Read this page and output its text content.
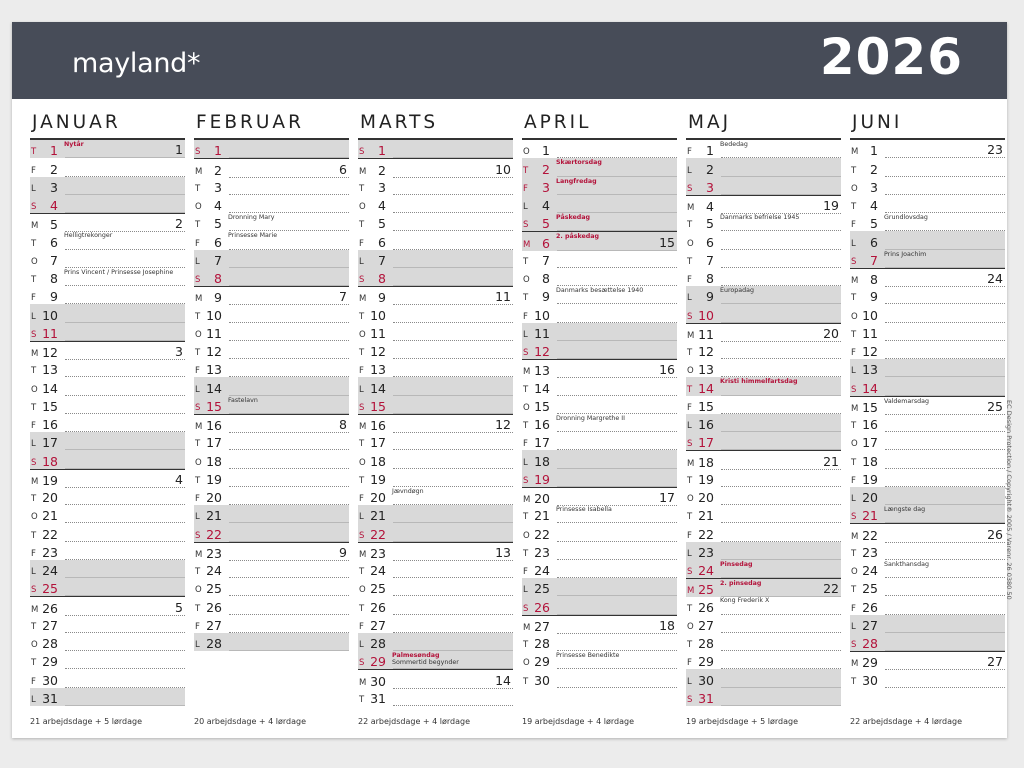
mayland*	2026
21 arbejdsdage + 5 lørdage
JANUAR
T	1	1
Nytår
F	2
L	3
S	4
M 5	2
T	6 Helligtrekonger
O 7
T	8 Prins Vincent / Prinsesse Josephine
F	9
L 10
S 11
M 12	3
T 13
O 14
T 15
F 16
L 17
S 18
M 19	4
T 20
O 21
T 22
F 23
L 24
S 25
M 26	5
T 27
O 28
T 29
F 30
L 31
20 arbejdsdage + 4 lørdage
FEBRUAR
S	1
M 2	6
T	3
O 4
T	5 Dronning Mary
F	6 Prinsesse Marie
L	7
S	8
M 9	7
T 10
O 11
T 12
F 13
L 14
S 15 Fastelavn
M 16	8
T 17
O 18
T 19
F 20
L 21
S 22
M 23	9
T 24
O 25
T 26
F 27
L 28
22 arbejdsdage + 4 lørdage
MARTS
S	1
M 2	10
T	3
O 4
T	5
F	6
L	7
S	8
M 9	11
T 10
O 11
T 12
F 13
L 14
S 15
M 16	12
T 17
O 18
T 19
F 20 Jævndøgn
L 21
S 22
M 23	13
T 24
O 25
T 26
F 27
L 28
S 29 Palmesøndag
Sommertid begynder
M 30	14
T 31
19 arbejdsdage + 4 lørdage
APRIL
O 1
T	2 Skærtorsdag
F	3 Langfredag
L	4
S	5 Påskedag
M 6	15
2. påskedag
T	7
O 8
T	9 Danmarks besættelse 1940
F 10
L 11
S 12
M 13	16
T 14
O 15
T 16 Dronning Margrethe II
F 17
L 18
S 19
M 20	17
T 21 Prinsesse Isabella
O 22
T 23
F 24
L 25
S 26
M 27	18
T 28
O 29 Prinsesse Benedikte
T 30
19 arbejdsdage + 5 lørdage
MAJ
F	1 Bededag
L	2
S	3
M 4	19
T	5 Danmarks befrielse 1945
O 6
T	7
F	8
L	9 Europadag
S 10
M 11	20
T 12
O 13
T 14 Kristi himmelfartsdag
F 15
L 16
S 17
M 18	21
T 19
O 20
T 21
F 22
L 23
S 24 Pinsedag
M 25	22
2. pinsedag
T 26 Kong Frederik X
O 27
T 28
F 29
L 30
S 31
22 arbejdsdage + 4 lørdage
JUNI
M 1	23
T	2
O 3
T	4
F	5 Grundlovsdag
L	6
S	7 Prins Joachim
M 8	24
T	9
O 10
T 11
F 12
L 13
S 14
M 15	25
Valdemarsdag
T 16
O 17
T 18
F 19
L 20
S 21 Længste dag
M 22	26
T 23
O 24 Sankthansdag
T 25
F 26
L 27
S 28
M 29	27
T 30
EC Design Protection / Copyright® 2005 / Varenr. 26 0380 50
